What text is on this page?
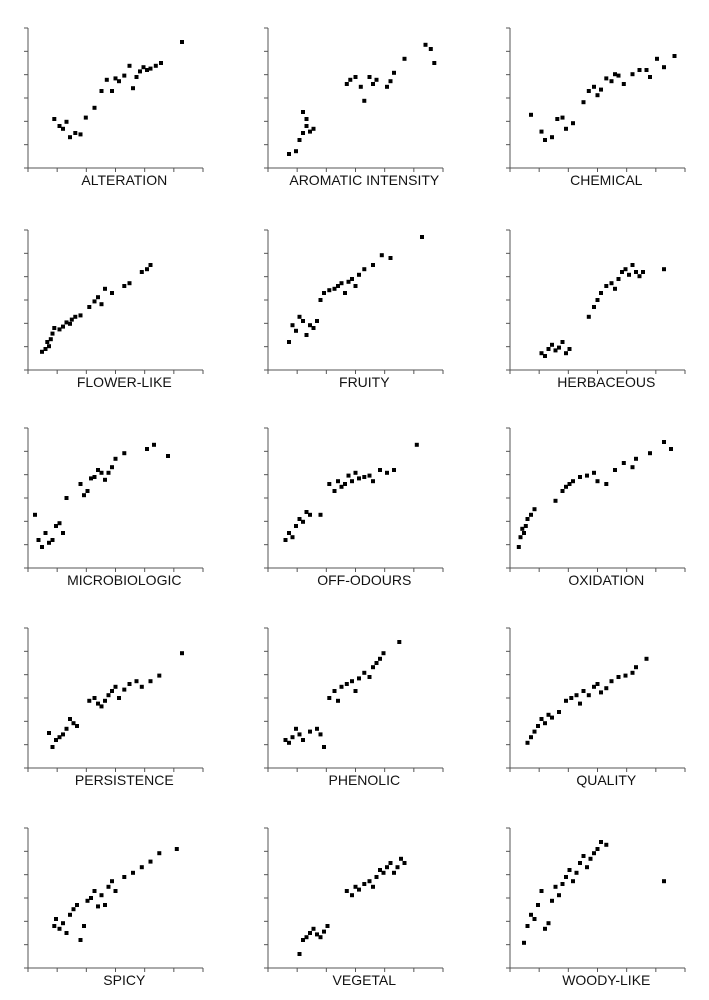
ALTERATION	AROMATIC INTENSITY	CHEMICAL
FLOWER-LIKE	FRUITY	HERBACEOUS
MICROBIOLOGIC	OFF-ODOURS	OXIDATION
PERSISTENCE	PHENOLIC	QUALITY
SPICY	VEGETAL	WOODY-LIKE
